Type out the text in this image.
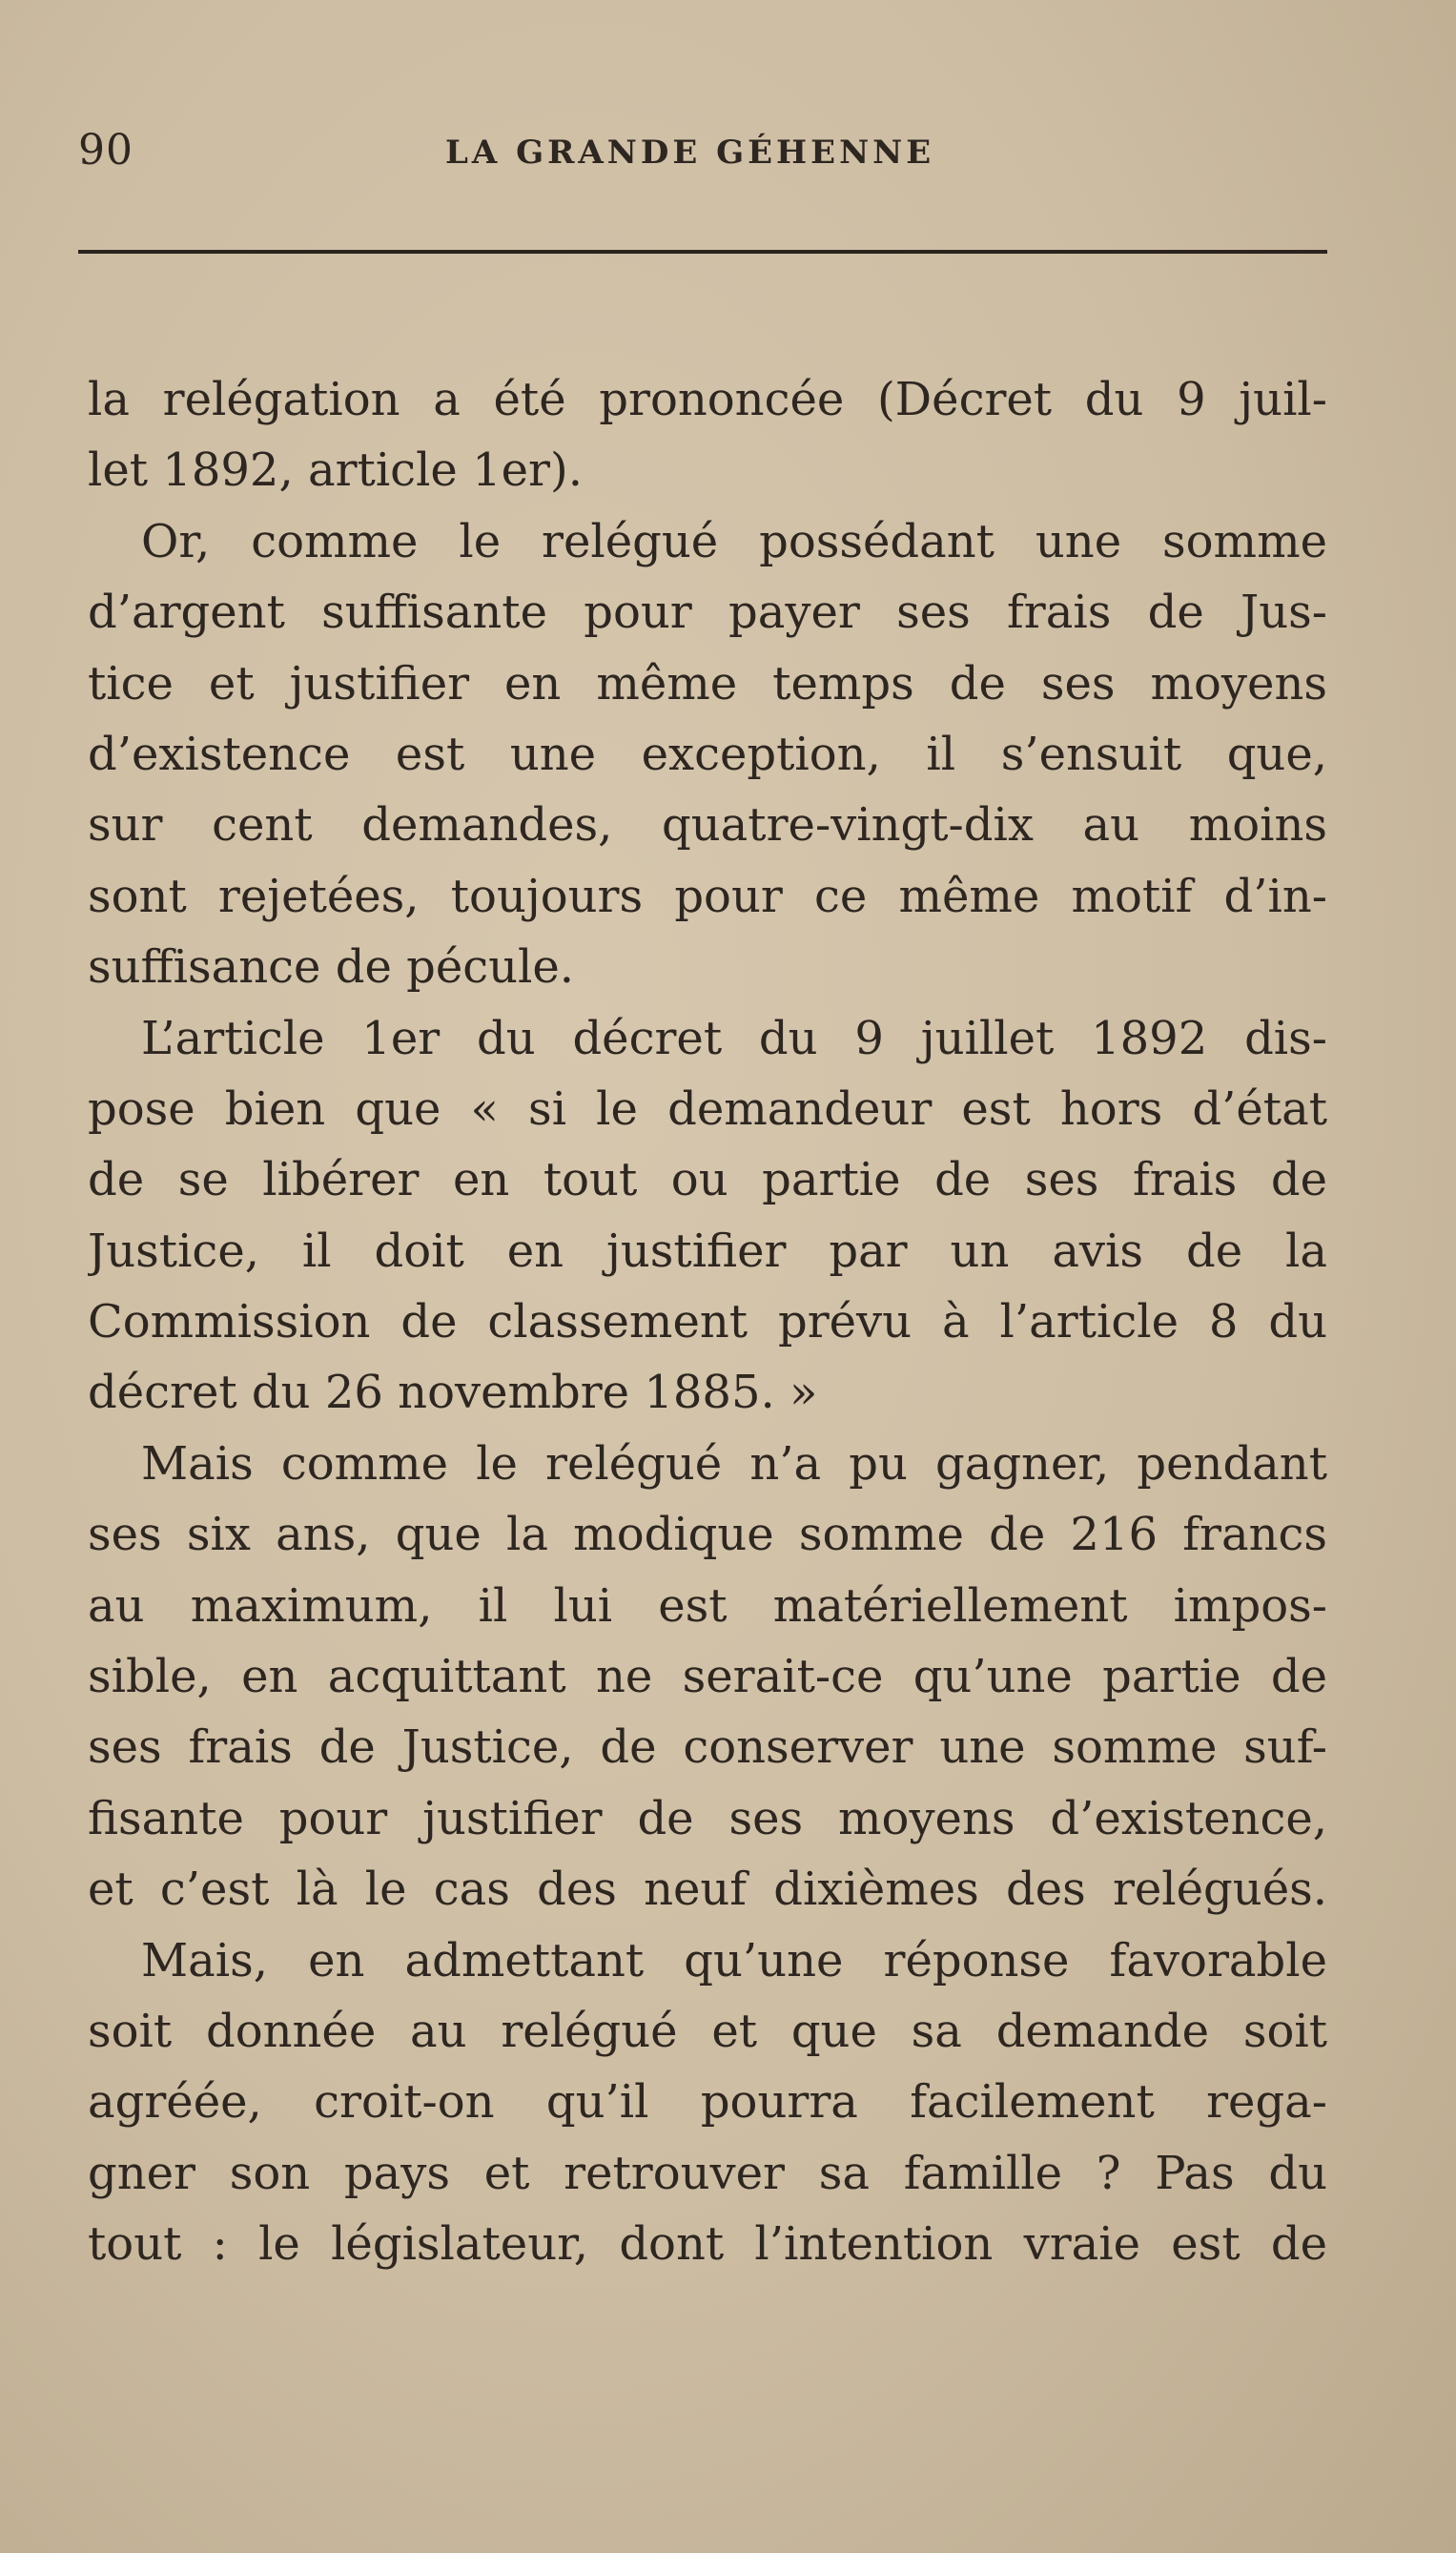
90	LA GRANDE GÉHENNE
la relégation a été prononcée (Décret du 9 juil-
let 1892, article 1er).
Or, comme le relégué possédant une somme
d’argent suffisante pour payer ses frais de Jus-
tice et justifier en même temps de ses moyens
d’existence est une exception, il s’ensuit que,
sur cent demandes, quatre-vingt-dix au moins
sont rejetées, toujours pour ce même motif d’in-
suffisance de pécule.
L’article 1er du décret du 9 juillet 1892 dis-
pose bien que « si le demandeur est hors d’état
de se libérer en tout ou partie de ses frais de
Justice, il doit en justifier par un avis de la
Commission de classement prévu à l’article 8 du
décret du 26 novembre 1885. »
Mais comme le relégué n’a pu gagner, pendant
ses six ans, que la modique somme de 216 francs
au maximum, il lui est matériellement impos-
sible, en acquittant ne serait-ce qu’une partie de
ses frais de Justice, de conserver une somme suf-
fisante pour justifier de ses moyens d’existence,
et c’est là le cas des neuf dixièmes des relégués.
Mais, en admettant qu’une réponse favorable
soit donnée au relégué et que sa demande soit
agréée, croit-on qu’il pourra facilement rega-
gner son pays et retrouver sa famille ? Pas du
tout : le législateur, dont l’intention vraie est de
